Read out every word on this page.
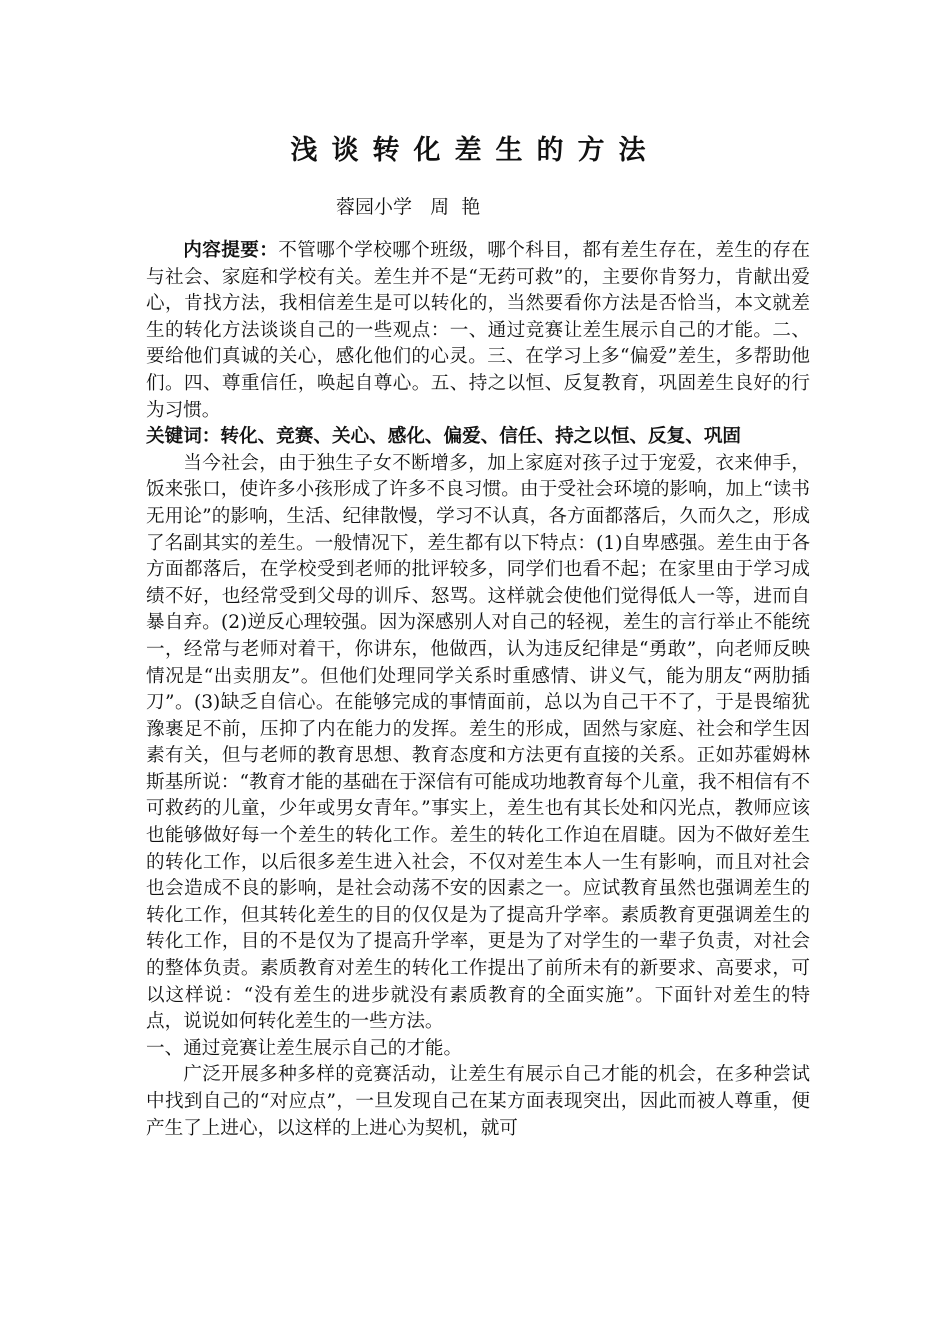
浅谈转化差生的方法

蓉园小学   周  艳

内容提要：不管哪个学校哪个班级，哪个科目，都有差生存在，差生的存在与社会、家庭和学校有关。差生并不是“无药可救”的，主要你肯努力，肯献出爱心，肯找方法，我相信差生是可以转化的，当然要看你方法是否恰当，本文就差生的转化方法谈谈自己的一些观点：一、通过竞赛让差生展示自己的才能。二、要给他们真诚的关心，感化他们的心灵。三、在学习上多“偏爱”差生，多帮助他们。四、尊重信任，唤起自尊心。五、持之以恒、反复教育，巩固差生良好的行为习惯。

关键词：转化、竞赛、关心、感化、偏爱、信任、持之以恒、反复、巩固

当今社会，由于独生子女不断增多，加上家庭对孩子过于宠爱，衣来伸手，饭来张口，使许多小孩形成了许多不良习惯。由于受社会环境的影响，加上“读书无用论”的影响，生活、纪律散慢，学习不认真，各方面都落后，久而久之，形成了名副其实的差生。一般情况下，差生都有以下特点：(1)自卑感强。差生由于各方面都落后，在学校受到老师的批评较多，同学们也看不起；在家里由于学习成绩不好，也经常受到父母的训斥、怒骂。这样就会使他们觉得低人一等，进而自暴自弃。(2)逆反心理较强。因为深感别人对自己的轻视，差生的言行举止不能统一，经常与老师对着干，你讲东，他做西，认为违反纪律是“勇敢”，向老师反映情况是“出卖朋友”。但他们处理同学关系时重感情、讲义气，能为朋友“两肋插刀”。(3)缺乏自信心。在能够完成的事情面前，总以为自己干不了，于是畏缩犹豫裹足不前，压抑了内在能力的发挥。差生的形成，固然与家庭、社会和学生因素有关，但与老师的教育思想、教育态度和方法更有直接的关系。正如苏霍姆林斯基所说：“教育才能的基础在于深信有可能成功地教育每个儿童，我不相信有不可救药的儿童，少年或男女青年。”事实上，差生也有其长处和闪光点，教师应该也能够做好每一个差生的转化工作。差生的转化工作迫在眉睫。因为不做好差生的转化工作，以后很多差生进入社会，不仅对差生本人一生有影响，而且对社会也会造成不良的影响，是社会动荡不安的因素之一。应试教育虽然也强调差生的转化工作，但其转化差生的目的仅仅是为了提高升学率。素质教育更强调差生的转化工作，目的不是仅为了提高升学率，更是为了对学生的一辈子负责，对社会的整体负责。素质教育对差生的转化工作提出了前所未有的新要求、高要求，可以这样说：“没有差生的进步就没有素质教育的全面实施”。下面针对差生的特点，说说如何转化差生的一些方法。

一、通过竞赛让差生展示自己的才能。

广泛开展多种多样的竞赛活动，让差生有展示自己才能的机会，在多种尝试中找到自己的“对应点”，一旦发现自己在某方面表现突出，因此而被人尊重，便产生了上进心，以这样的上进心为契机，就可
